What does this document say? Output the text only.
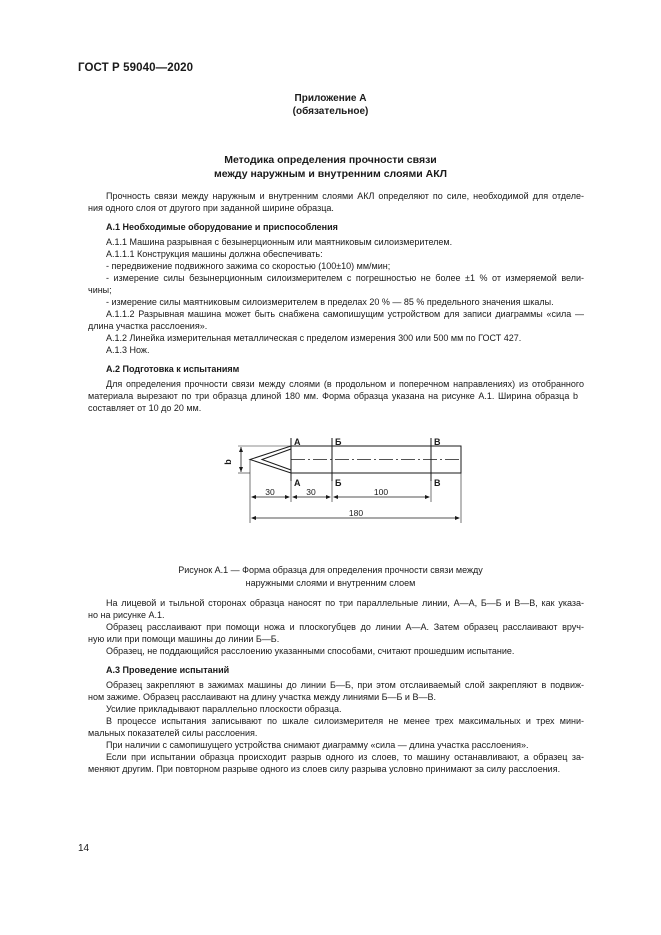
ГОСТ Р 59040—2020
Приложение А
(обязательное)
Методика определения прочности связи
между наружным и внутренним слоями АКЛ
Прочность связи между наружным и внутренним слоями АКЛ определяют по силе, необходимой для отделе-
ния одного слоя от другого при заданной ширине образца.
А.1 Необходимые оборудование и приспособления
А.1.1 Машина разрывная с безынерционным или маятниковым силоизмерителем.
А.1.1.1 Конструкция машины должна обеспечивать:
- передвижение подвижного зажима со скоростью (100±10) мм/мин;
- измерение силы безынерционным силоизмерителем с погрешностью не более ±1 % от измеряемой вели-
чины;
- измерение силы маятниковым силоизмерителем в пределах 20 % — 85 % предельного значения шкалы.
А.1.1.2 Разрывная машина может быть снабжена самопишущим устройством для записи диаграммы «сила —
длина участка расслоения».
А.1.2 Линейка измерительная металлическая с пределом измерения 300 или 500 мм по ГОСТ 427.
А.1.3 Нож.
А.2 Подготовка к испытаниям
Для определения прочности связи между слоями (в продольном и поперечном направлениях) из отобранного
материала вырезают по три образца длиной 180 мм. Форма образца указана на рисунке А.1. Ширина образца b
составляет от 10 до 20 мм.
А	Б	В
А	Б	В
b
30	30	100
180
Рисунок А.1 — Форма образца для определения прочности связи между
наружными слоями и внутренним слоем
На лицевой и тыльной сторонах образца наносят по три параллельные линии, А—А, Б—Б и В—В, как указа-
но на рисунке А.1.
Образец расслаивают при помощи ножа и плоскогубцев до линии А—А. Затем образец расслаивают вруч-
ную или при помощи машины до линии Б—Б.
Образец, не поддающийся расслоению указанными способами, считают прошедшим испытание.
А.3 Проведение испытаний
Образец закрепляют в зажимах машины до линии Б—Б, при этом отслаиваемый слой закрепляют в подвиж-
ном зажиме. Образец расслаивают на длину участка между линиями Б—Б и В—В.
Усилие прикладывают параллельно плоскости образца.
В процессе испытания записывают по шкале силоизмерителя не менее трех максимальных и трех мини-
мальных показателей силы расслоения.
При наличии с самопишущего устройства снимают диаграмму «сила — длина участка расслоения».
Если при испытании образца происходит разрыв одного из слоев, то машину останавливают, а образец за-
меняют другим. При повторном разрыве одного из слоев силу разрыва условно принимают за силу расслоения.
14
